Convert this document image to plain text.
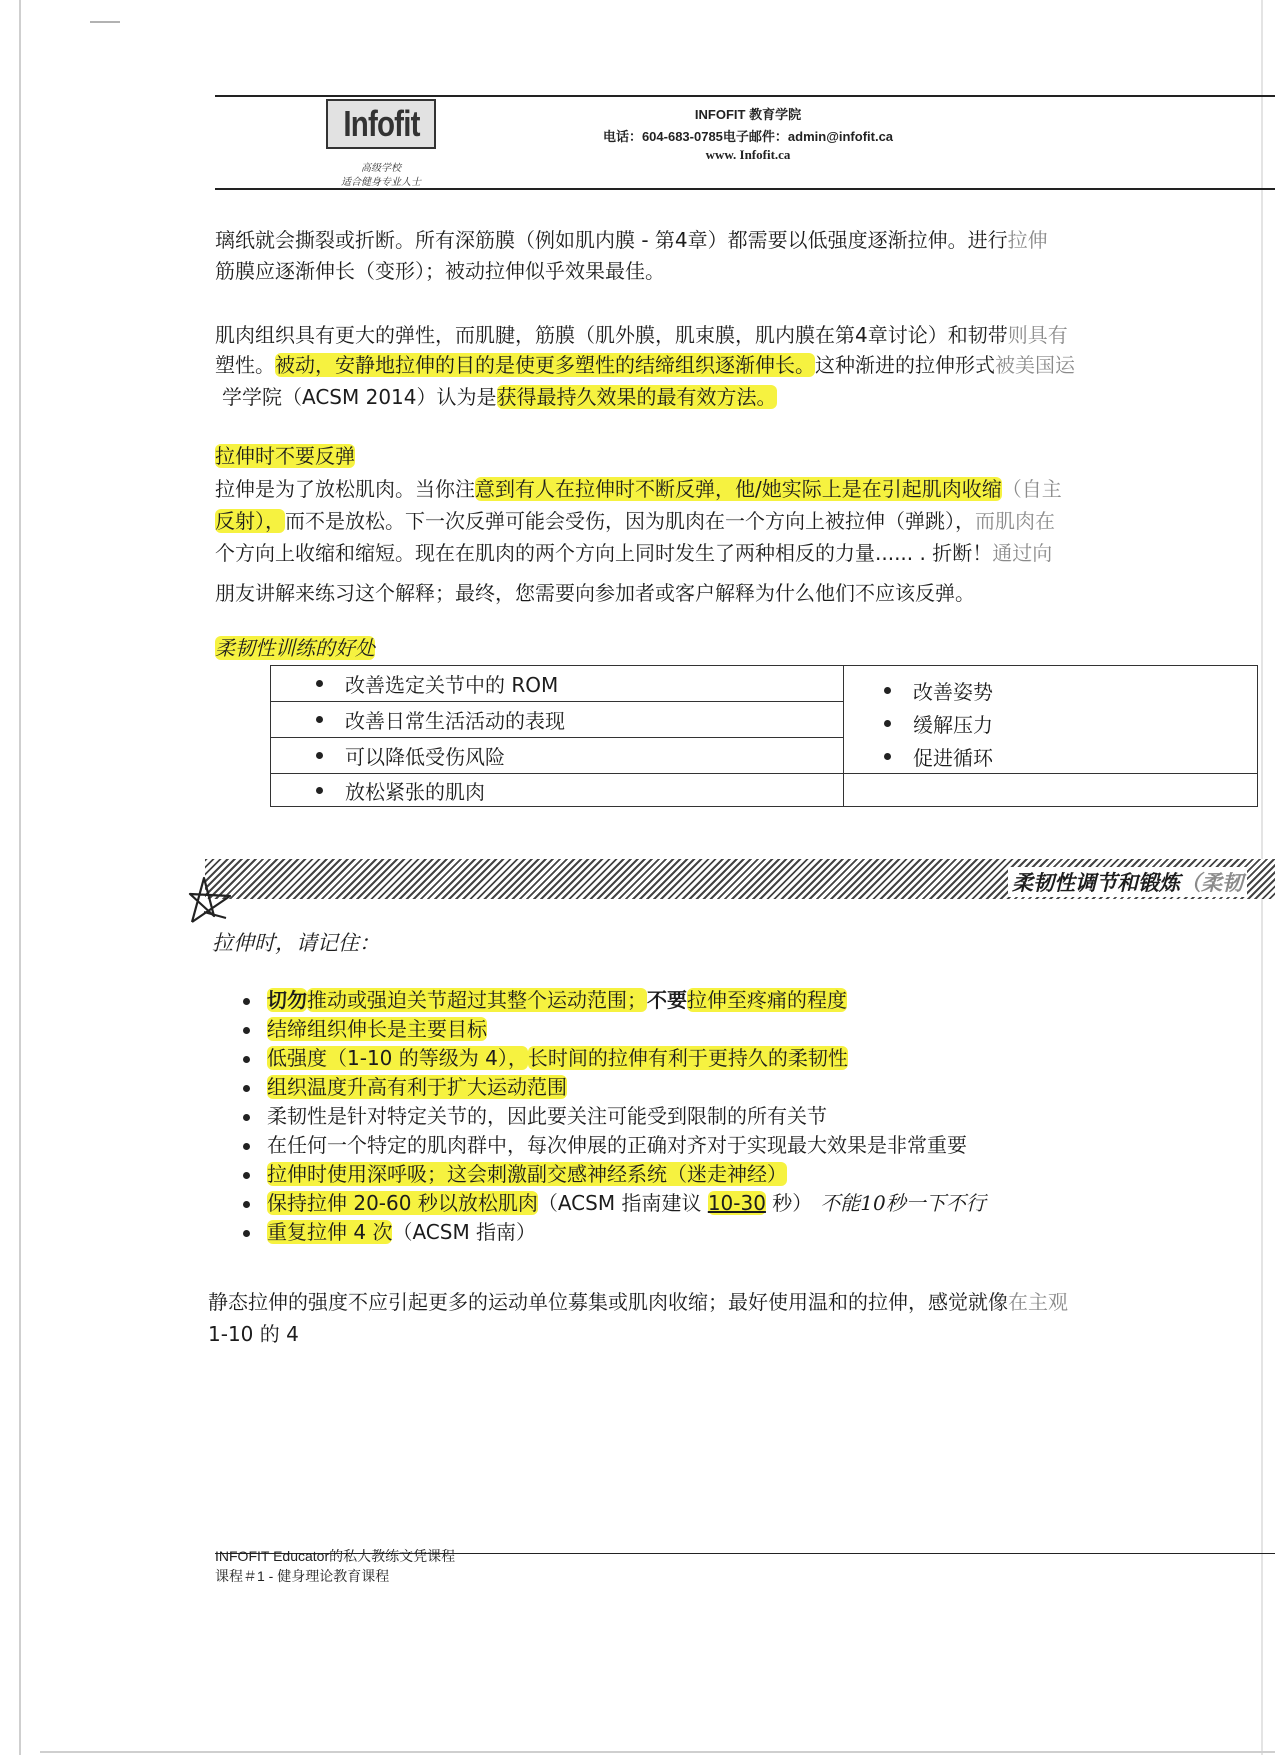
Infofit
高级学校
适合健身专业人士
INFOFIT 教育学院
电话：604-683-0785电子邮件：admin@infofit.ca
www. Infofit.ca
璃纸就会撕裂或折断。所有深筋膜（例如肌内膜 - 第4章）都需要以低强度逐渐拉伸。进行拉伸
筋膜应逐渐伸长（变形）；被动拉伸似乎效果最佳。
肌肉组织具有更大的弹性，而肌腱，筋膜（肌外膜，肌束膜，肌内膜在第4章讨论）和韧带则具有
塑性。被动，安静地拉伸的目的是使更多塑性的结缔组织逐渐伸长。这种渐进的拉伸形式被美国运
学学院（ACSM 2014）认为是获得最持久效果的最有效方法。
拉伸时不要反弹
拉伸是为了放松肌肉。当你注意到有人在拉伸时不断反弹，他/她实际上是在引起肌肉收缩（自主
反射），而不是放松。下一次反弹可能会受伤，因为肌肉在一个方向上被拉伸（弹跳），而肌肉在
个方向上收缩和缩短。现在在肌肉的两个方向上同时发生了两种相反的力量...... . 折断！通过向
朋友讲解来练习这个解释；最终，您需要向参加者或客户解释为什么他们不应该反弹。
柔韧性训练的好处
改善选定关节中的 ROM	改善姿势
缓解压力
促进循环

改善日常生活活动的表现	

可以降低受伤风险	

放松紧张的肌肉	

柔韧性调节和锻炼（柔韧
拉伸时，请记住：
切勿推动或强迫关节超过其整个运动范围；不要拉伸至疼痛的程度
结缔组织伸长是主要目标
低强度（1-10 的等级为 4），长时间的拉伸有利于更持久的柔韧性
组织温度升高有利于扩大运动范围
柔韧性是针对特定关节的，因此要关注可能受到限制的所有关节
在任何一个特定的肌肉群中，每次伸展的正确对齐对于实现最大效果是非常重要
拉伸时使用深呼吸；这会刺激副交感神经系统（迷走神经）
保持拉伸 20-60 秒以放松肌肉（ACSM 指南建议 10-30 秒） 不能10秒一下不行
重复拉伸 4 次（ACSM 指南）
静态拉伸的强度不应引起更多的运动单位募集或肌肉收缩；最好使用温和的拉伸，感觉就像在主观
1-10 的 4
INFOFIT Educator的私人教练文凭课程
课程＃1 - 健身理论教育课程
